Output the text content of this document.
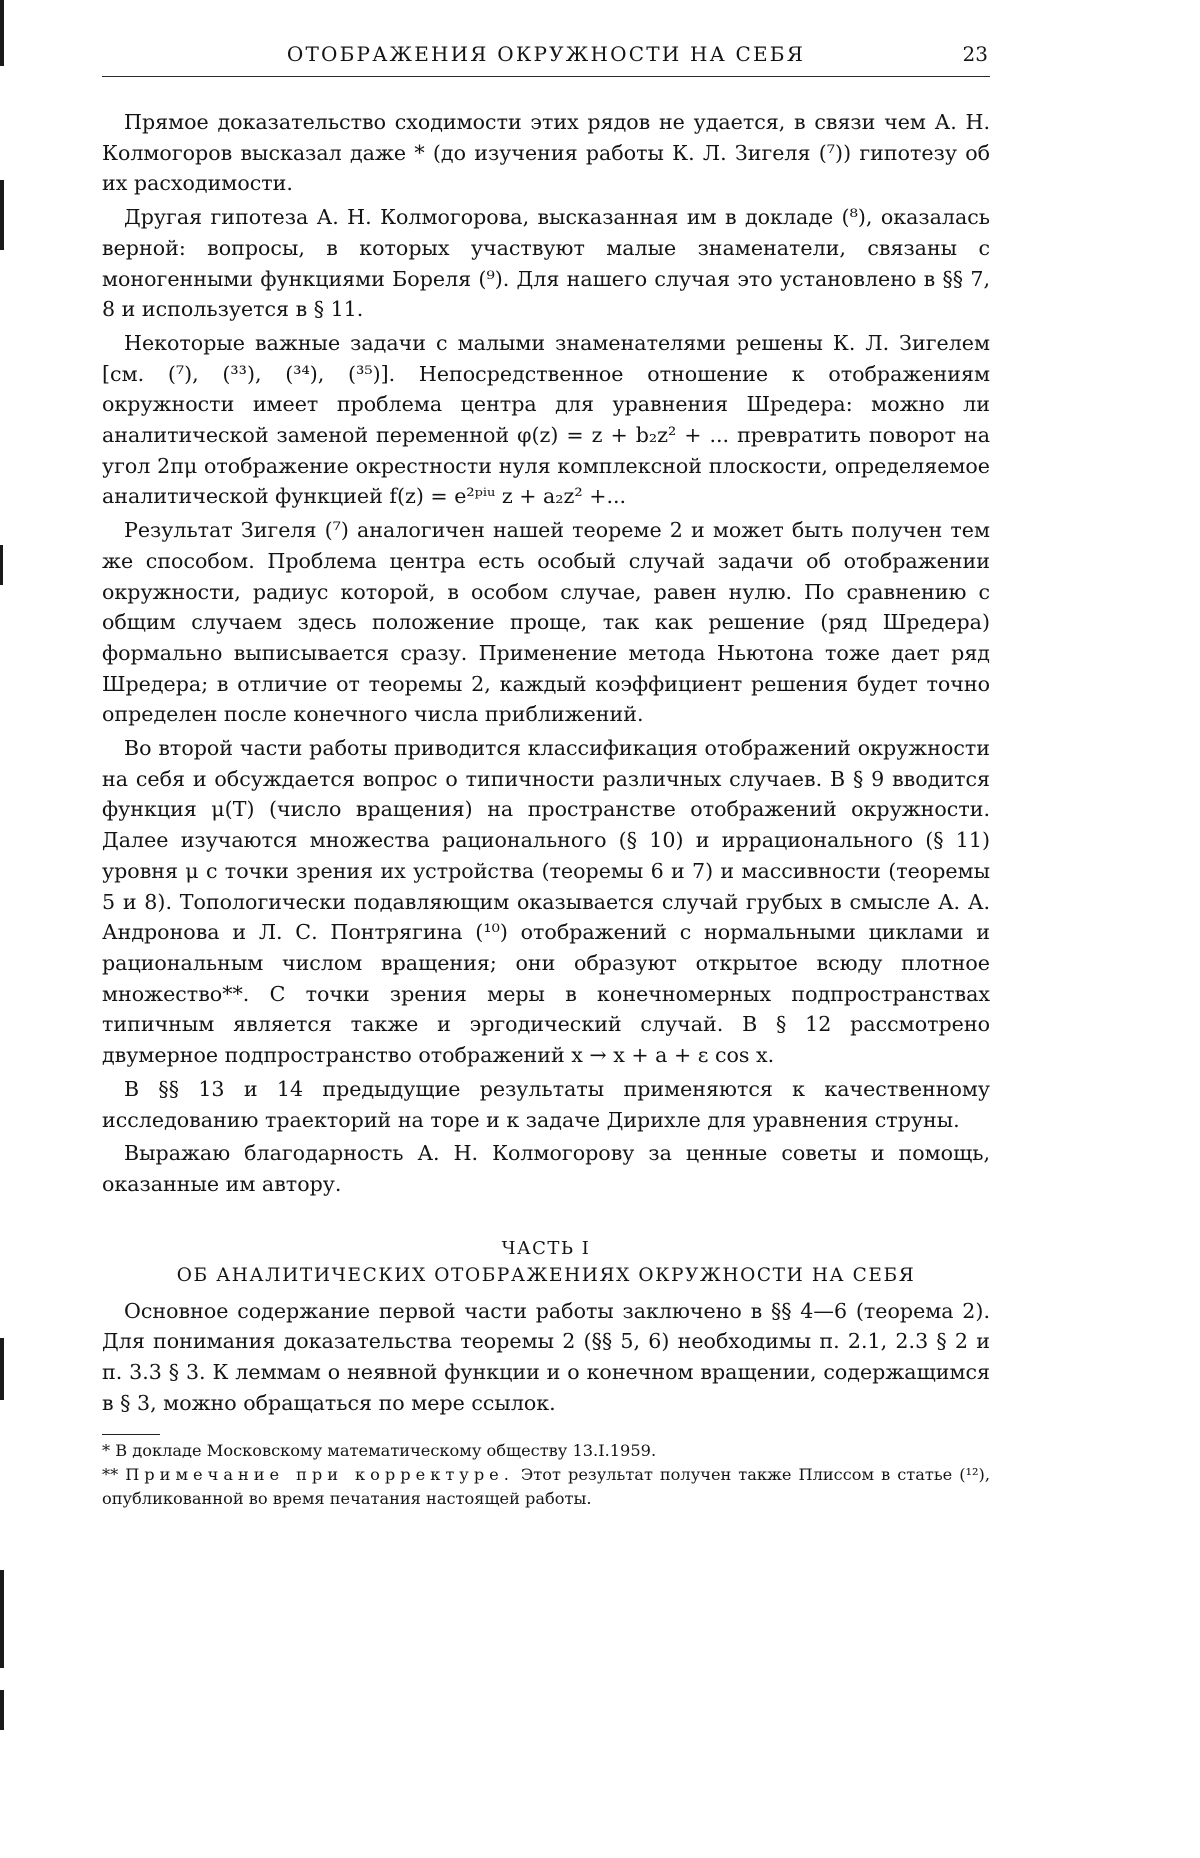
ОТОБРАЖЕНИЯ ОКРУЖНОСТИ НА СЕБЯ	23

Прямое доказательство сходимости этих рядов не удается, в связи чем А. Н. Колмогоров высказал даже * (до изучения работы К. Л. Зигеля (⁷)) гипотезу об их расходимости.

Другая гипотеза А. Н. Колмогорова, высказанная им в докладе (⁸), оказалась верной: вопросы, в которых участвуют малые знаменатели, связаны с моногенными функциями Бореля (⁹). Для нашего случая это установлено в §§ 7, 8 и используется в § 11.

Некоторые важные задачи с малыми знаменателями решены К. Л. Зигелем [см. (⁷), (³³), (³⁴), (³⁵)]. Непосредственное отношение к отображениям окружности имеет проблема центра для уравнения Шредера: можно ли аналитической заменой переменной φ(z) = z + b₂z² + ... превратить поворот на угол 2πμ отображение окрестности нуля комплексной плоскости, определяемое аналитической функцией f(z) = e²ᵖⁱᵘ z + a₂z² +...

Результат Зигеля (⁷) аналогичен нашей теореме 2 и может быть получен тем же способом. Проблема центра есть особый случай задачи об отображении окружности, радиус которой, в особом случае, равен нулю. По сравнению с общим случаем здесь положение проще, так как решение (ряд Шредера) формально выписывается сразу. Применение метода Ньютона тоже дает ряд Шредера; в отличие от теоремы 2, каждый коэффициент решения будет точно определен после конечного числа приближений.

Во второй части работы приводится классификация отображений окружности на себя и обсуждается вопрос о типичности различных случаев. В § 9 вводится функция μ(T) (число вращения) на пространстве отображений окружности. Далее изучаются множества рационального (§ 10) и иррационального (§ 11) уровня μ с точки зрения их устройства (теоремы 6 и 7) и массивности (теоремы 5 и 8). Топологически подавляющим оказывается случай грубых в смысле А. А. Андронова и Л. С. Понтрягина (¹⁰) отображений с нормальными циклами и рациональным числом вращения; они образуют открытое всюду плотное множество**. С точки зрения меры в конечномерных подпространствах типичным является также и эргодический случай. В § 12 рассмотрено двумерное подпространство отображений x → x + a + ε cos x.

В §§ 13 и 14 предыдущие результаты применяются к качественному исследованию траекторий на торе и к задаче Дирихле для уравнения струны.

Выражаю благодарность А. Н. Колмогорову за ценные советы и помощь, оказанные им автору.

ЧАСТЬ I
ОБ АНАЛИТИЧЕСКИХ ОТОБРАЖЕНИЯХ ОКРУЖНОСТИ НА СЕБЯ

Основное содержание первой части работы заключено в §§ 4—6 (теорема 2). Для понимания доказательства теоремы 2 (§§ 5, 6) необходимы п. 2.1, 2.3 § 2 и п. 3.3 § 3. К леммам о неявной функции и о конечном вращении, содержащимся в § 3, можно обращаться по мере ссылок.

* В докладе Московскому математическому обществу 13.I.1959.

** Примечание при корректуре. Этот результат получен также Плиссом в статье (¹²), опубликованной во время печатания настоящей работы.
